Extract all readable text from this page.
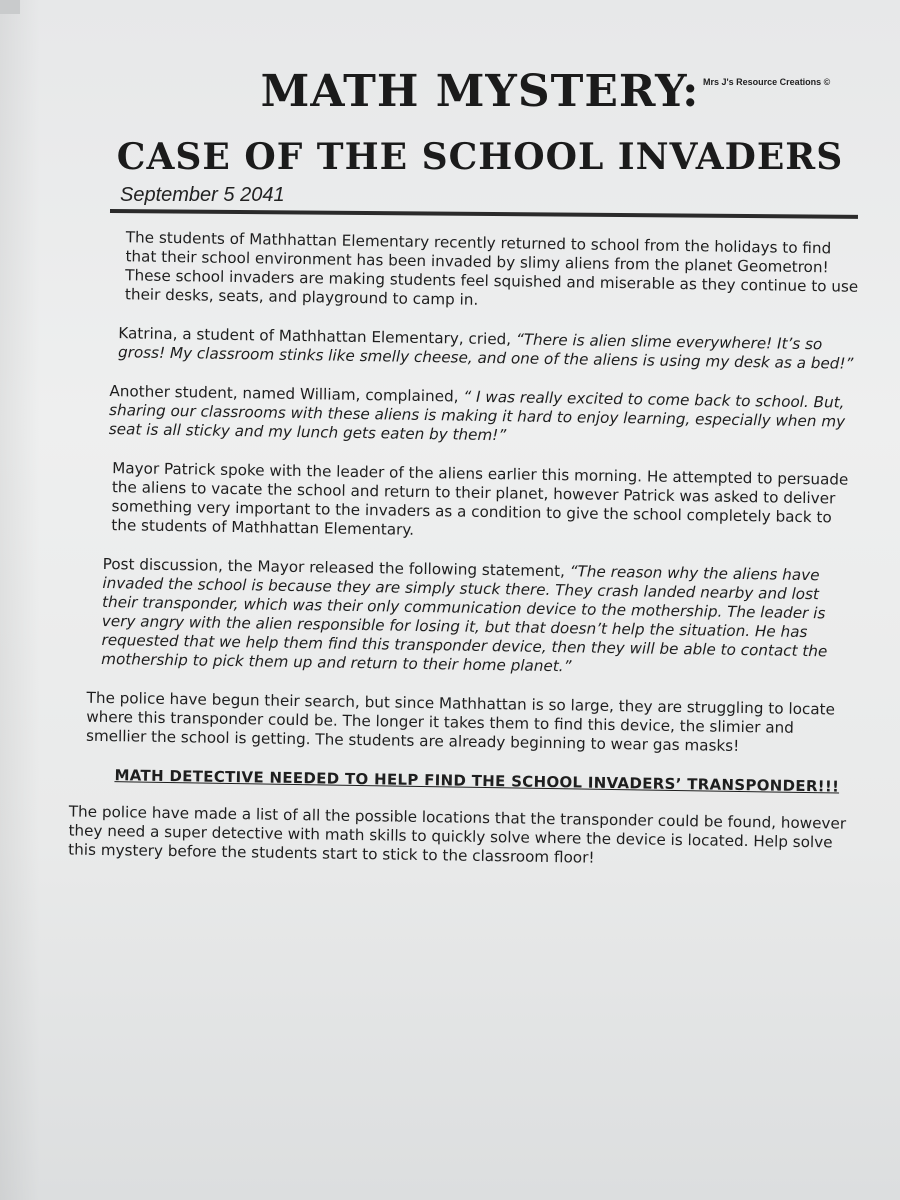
Mrs J's Resource Creations ©
MATH MYSTERY:
CASE OF THE SCHOOL INVADERS
September 5 2041

The students of Mathhattan Elementary recently returned to school from the holidays to find that their school environment has been invaded by slimy aliens from the planet Geometron! These school invaders are making students feel squished and miserable as they continue to use their desks, seats, and playground to camp in.

Katrina, a student of Mathhattan Elementary, cried, “There is alien slime everywhere! It’s so gross! My classroom stinks like smelly cheese, and one of the aliens is using my desk as a bed!”

Another student, named William, complained, “ I was really excited to come back to school. But, sharing our classrooms with these aliens is making it hard to enjoy learning, especially when my seat is all sticky and my lunch gets eaten by them!”

Mayor Patrick spoke with the leader of the aliens earlier this morning. He attempted to persuade the aliens to vacate the school and return to their planet, however Patrick was asked to deliver something very important to the invaders as a condition to give the school completely back to the students of Mathhattan Elementary.

Post discussion, the Mayor released the following statement, “The reason why the aliens have invaded the school is because they are simply stuck there. They crash landed nearby and lost their transponder, which was their only communication device to the mothership. The leader is very angry with the alien responsible for losing it, but that doesn’t help the situation. He has requested that we help them find this transponder device, then they will be able to contact the mothership to pick them up and return to their home planet.”

The police have begun their search, but since Mathhattan is so large, they are struggling to locate where this transponder could be. The longer it takes them to find this device, the slimier and smellier the school is getting. The students are already beginning to wear gas masks!

MATH DETECTIVE NEEDED TO HELP FIND THE SCHOOL INVADERS’ TRANSPONDER!!!

The police have made a list of all the possible locations that the transponder could be found, however they need a super detective with math skills to quickly solve where the device is located. Help solve this mystery before the students start to stick to the classroom floor!
